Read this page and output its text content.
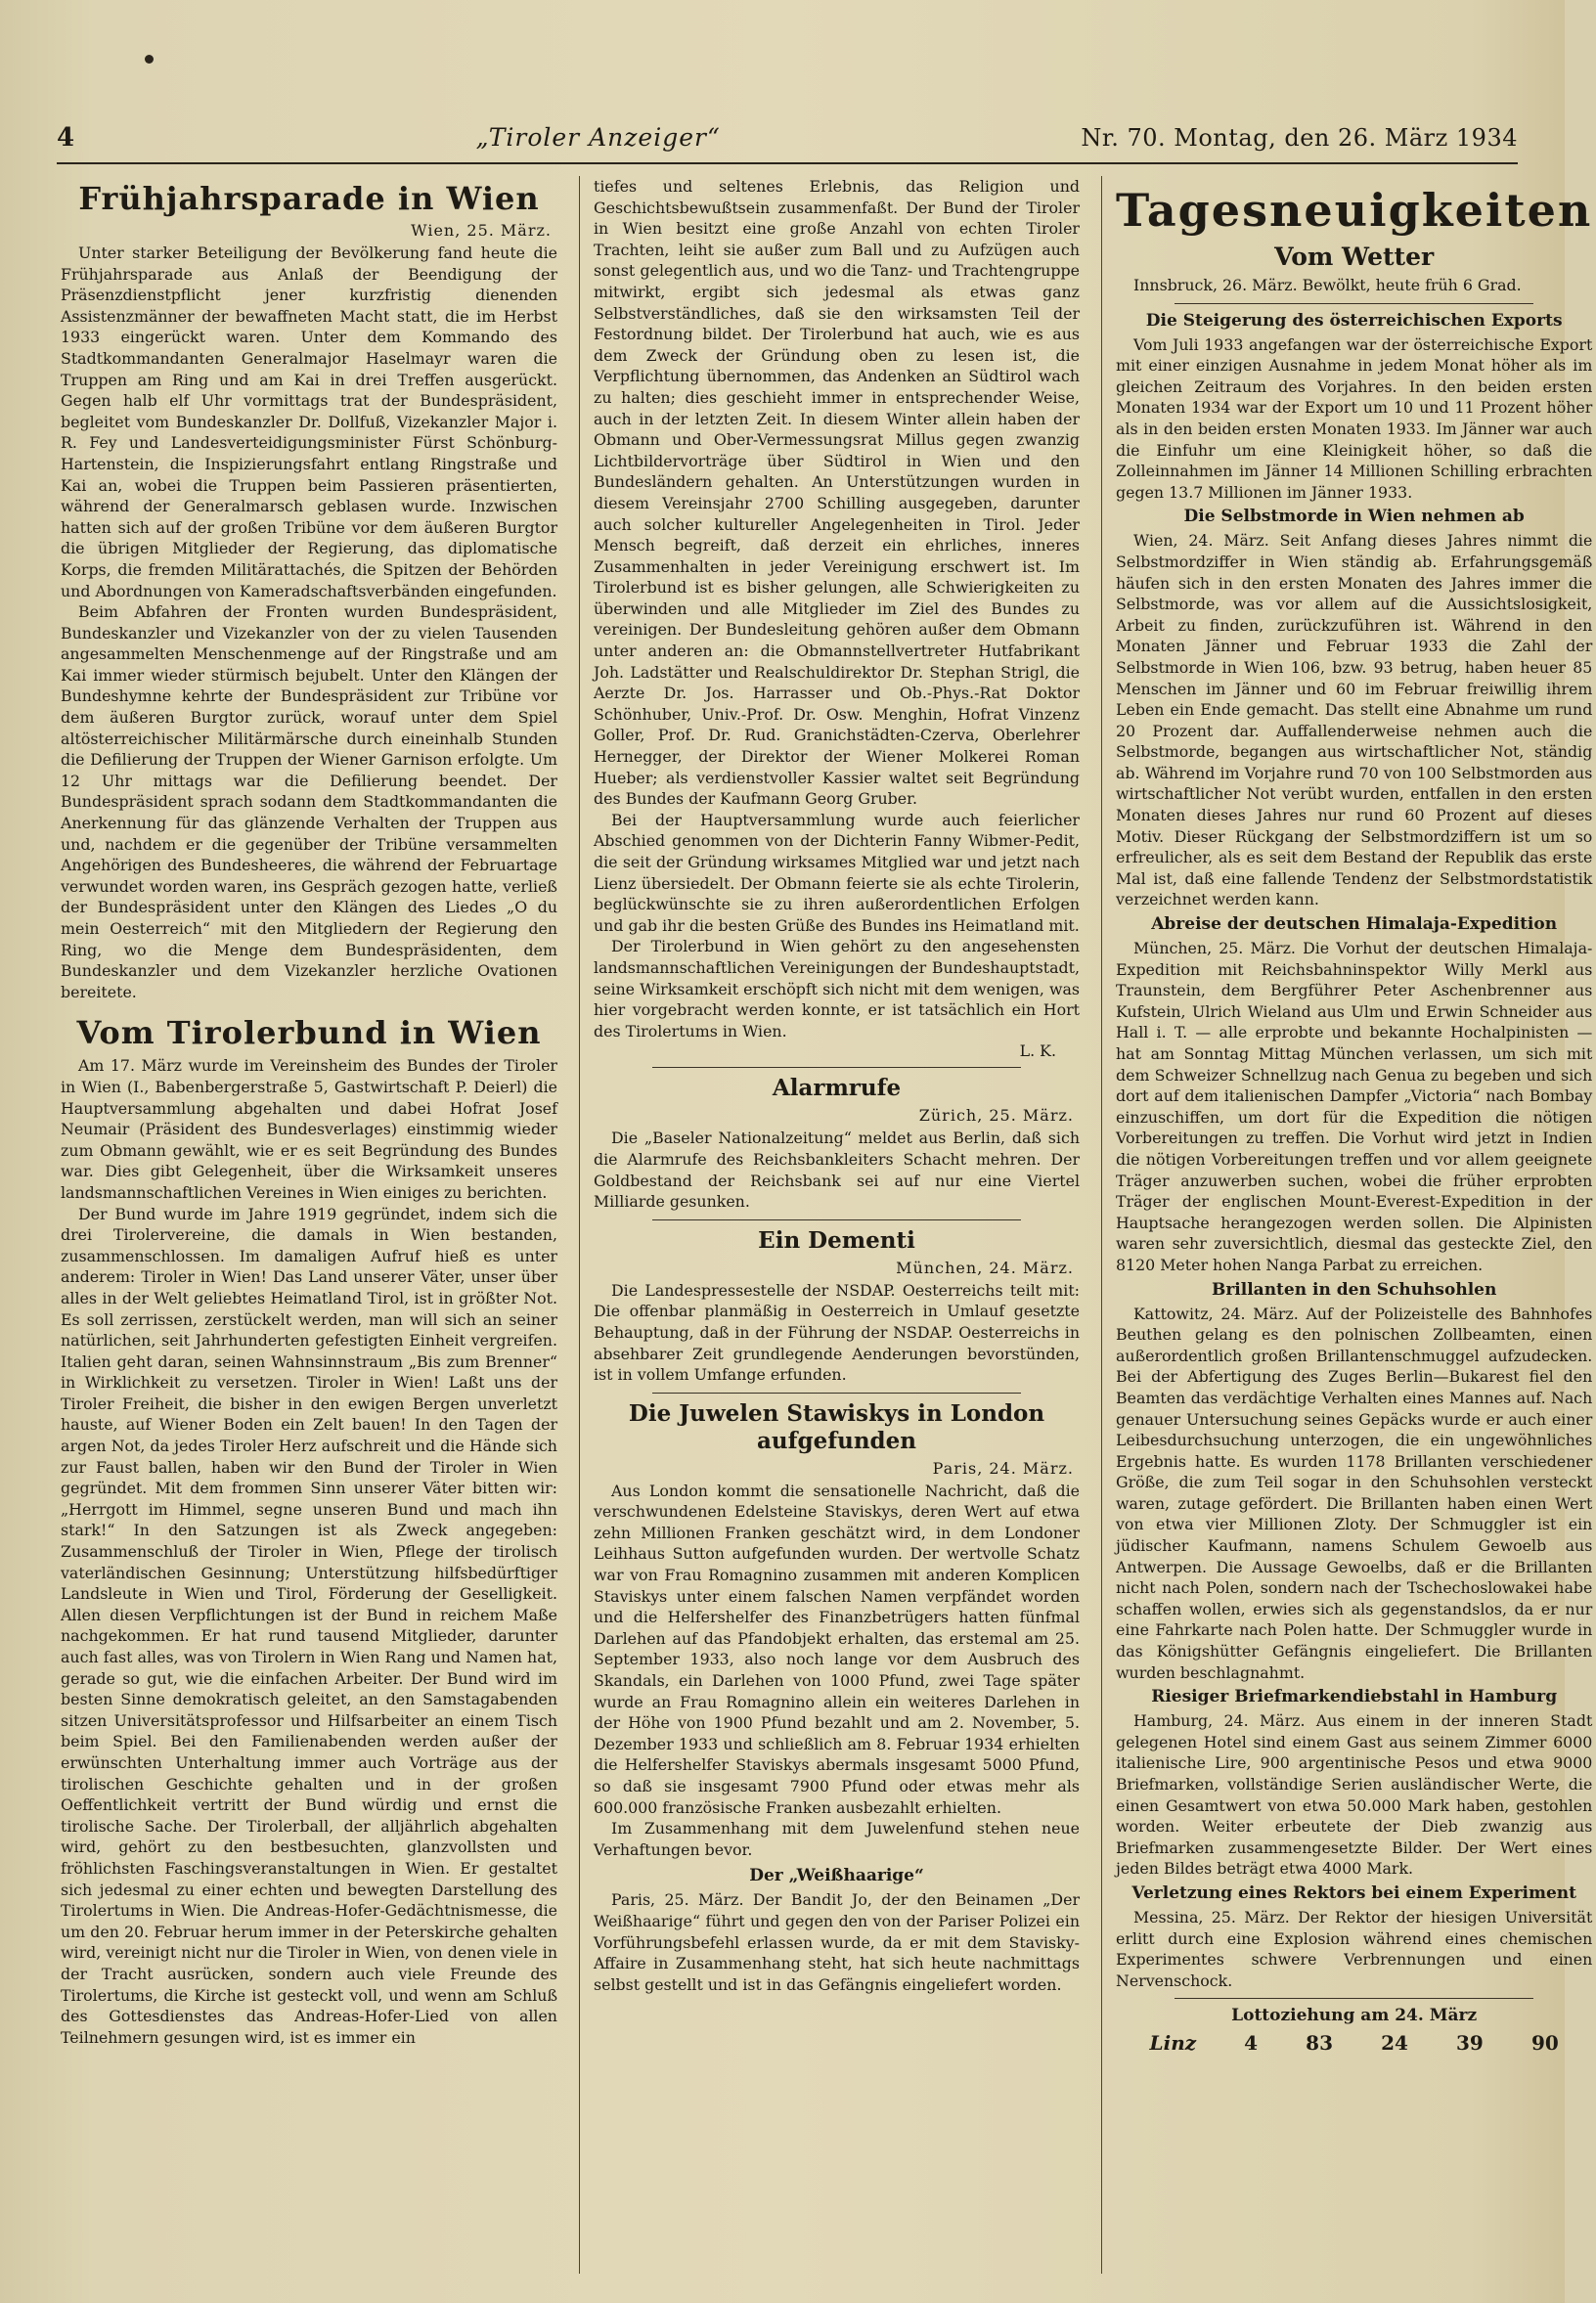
4	„Tiroler Anzeiger“	Nr. 70. Montag, den 26. März 1934
Frühjahrsparade in Wien
Wien, 25. März.

Unter starker Beteiligung der Bevölkerung fand heute die Frühjahrsparade aus Anlaß der Beendigung der Präsenzdienstpflicht jener kurzfristig dienenden Assistenzmänner der bewaffneten Macht statt, die im Herbst 1933 eingerückt waren. Unter dem Kommando des Stadtkommandanten Generalmajor Haselmayr waren die Truppen am Ring und am Kai in drei Treffen ausgerückt. Gegen halb elf Uhr vormittags trat der Bundespräsident, begleitet vom Bundeskanzler Dr. Dollfuß, Vizekanzler Major i. R. Fey und Landesverteidigungsminister Fürst Schönburg-Hartenstein, die Inspizierungsfahrt entlang Ringstraße und Kai an, wobei die Truppen beim Passieren präsentierten, während der Generalmarsch geblasen wurde. Inzwischen hatten sich auf der großen Tribüne vor dem äußeren Burgtor die übrigen Mitglieder der Regierung, das diplomatische Korps, die fremden Militärattachés, die Spitzen der Behörden und Abordnungen von Kameradschaftsverbänden eingefunden.

Beim Abfahren der Fronten wurden Bundespräsident, Bundeskanzler und Vizekanzler von der zu vielen Tausenden angesammelten Menschenmenge auf der Ringstraße und am Kai immer wieder stürmisch bejubelt. Unter den Klängen der Bundeshymne kehrte der Bundespräsident zur Tribüne vor dem äußeren Burgtor zurück, worauf unter dem Spiel altösterreichischer Militärmärsche durch eineinhalb Stunden die Defilierung der Truppen der Wiener Garnison erfolgte. Um 12 Uhr mittags war die Defilierung beendet. Der Bundespräsident sprach sodann dem Stadtkommandanten die Anerkennung für das glänzende Verhalten der Truppen aus und, nachdem er die gegenüber der Tribüne versammelten Angehörigen des Bundesheeres, die während der Februartage verwundet worden waren, ins Gespräch gezogen hatte, verließ der Bundespräsident unter den Klängen des Liedes „O du mein Oesterreich“ mit den Mitgliedern der Regierung den Ring, wo die Menge dem Bundespräsidenten, dem Bundeskanzler und dem Vizekanzler herzliche Ovationen bereitete.

Vom Tirolerbund in Wien

Am 17. März wurde im Vereinsheim des Bundes der Tiroler in Wien (I., Babenbergerstraße 5, Gastwirtschaft P. Deierl) die Hauptversammlung abgehalten und dabei Hofrat Josef Neumair (Präsident des Bundesverlages) einstimmig wieder zum Obmann gewählt, wie er es seit Begründung des Bundes war. Dies gibt Gelegenheit, über die Wirksamkeit unseres landsmannschaftlichen Vereines in Wien einiges zu berichten.

Der Bund wurde im Jahre 1919 gegründet, indem sich die drei Tirolervereine, die damals in Wien bestanden, zusammenschlossen. Im damaligen Aufruf hieß es unter anderem: Tiroler in Wien! Das Land unserer Väter, unser über alles in der Welt geliebtes Heimatland Tirol, ist in größter Not. Es soll zerrissen, zerstückelt werden, man will sich an seiner natürlichen, seit Jahrhunderten gefestigten Einheit vergreifen. Italien geht daran, seinen Wahnsinnstraum „Bis zum Brenner“ in Wirklichkeit zu versetzen. Tiroler in Wien! Laßt uns der Tiroler Freiheit, die bisher in den ewigen Bergen unverletzt hauste, auf Wiener Boden ein Zelt bauen! In den Tagen der argen Not, da jedes Tiroler Herz aufschreit und die Hände sich zur Faust ballen, haben wir den Bund der Tiroler in Wien gegründet. Mit dem frommen Sinn unserer Väter bitten wir: „Herrgott im Himmel, segne unseren Bund und mach ihn stark!“ In den Satzungen ist als Zweck angegeben: Zusammenschluß der Tiroler in Wien, Pflege der tirolisch vaterländischen Gesinnung; Unterstützung hilfsbedürftiger Landsleute in Wien und Tirol, Förderung der Geselligkeit. Allen diesen Verpflichtungen ist der Bund in reichem Maße nachgekommen. Er hat rund tausend Mitglieder, darunter auch fast alles, was von Tirolern in Wien Rang und Namen hat, gerade so gut, wie die einfachen Arbeiter. Der Bund wird im besten Sinne demokratisch geleitet, an den Samstagabenden sitzen Universitätsprofessor und Hilfsarbeiter an einem Tisch beim Spiel. Bei den Familienabenden werden außer der erwünschten Unterhaltung immer auch Vorträge aus der tirolischen Geschichte gehalten und in der großen Oeffentlichkeit vertritt der Bund würdig und ernst die tirolische Sache. Der Tirolerball, der alljährlich abgehalten wird, gehört zu den bestbesuchten, glanzvollsten und fröhlichsten Faschingsveranstaltungen in Wien. Er gestaltet sich jedesmal zu einer echten und bewegten Darstellung des Tirolertums in Wien. Die Andreas-Hofer-Gedächtnismesse, die um den 20. Februar herum immer in der Peterskirche gehalten wird, vereinigt nicht nur die Tiroler in Wien, von denen viele in der Tracht ausrücken, sondern auch viele Freunde des Tirolertums, die Kirche ist gesteckt voll, und wenn am Schluß des Gottesdienstes das Andreas-Hofer-Lied von allen Teilnehmern gesungen wird, ist es immer ein

tiefes und seltenes Erlebnis, das Religion und Geschichtsbewußtsein zusammenfaßt. Der Bund der Tiroler in Wien besitzt eine große Anzahl von echten Tiroler Trachten, leiht sie außer zum Ball und zu Aufzügen auch sonst gelegentlich aus, und wo die Tanz- und Trachtengruppe mitwirkt, ergibt sich jedesmal als etwas ganz Selbstverständliches, daß sie den wirksamsten Teil der Festordnung bildet. Der Tirolerbund hat auch, wie es aus dem Zweck der Gründung oben zu lesen ist, die Verpflichtung übernommen, das Andenken an Südtirol wach zu halten; dies geschieht immer in entsprechender Weise, auch in der letzten Zeit. In diesem Winter allein haben der Obmann und Ober-Vermessungsrat Millus gegen zwanzig Lichtbildervorträge über Südtirol in Wien und den Bundesländern gehalten. An Unterstützungen wurden in diesem Vereinsjahr 2700 Schilling ausgegeben, darunter auch solcher kultureller Angelegenheiten in Tirol. Jeder Mensch begreift, daß derzeit ein ehrliches, inneres Zusammenhalten in jeder Vereinigung erschwert ist. Im Tirolerbund ist es bisher gelungen, alle Schwierigkeiten zu überwinden und alle Mitglieder im Ziel des Bundes zu vereinigen. Der Bundesleitung gehören außer dem Obmann unter anderen an: die Obmannstellvertreter Hutfabrikant Joh. Ladstätter und Realschuldirektor Dr. Stephan Strigl, die Aerzte Dr. Jos. Harrasser und Ob.-Phys.-Rat Doktor Schönhuber, Univ.-Prof. Dr. Osw. Menghin, Hofrat Vinzenz Goller, Prof. Dr. Rud. Granichstädten-Czerva, Oberlehrer Hernegger, der Direktor der Wiener Molkerei Roman Hueber; als verdienstvoller Kassier waltet seit Begründung des Bundes der Kaufmann Georg Gruber.

Bei der Hauptversammlung wurde auch feierlicher Abschied genommen von der Dichterin Fanny Wibmer-Pedit, die seit der Gründung wirksames Mitglied war und jetzt nach Lienz übersiedelt. Der Obmann feierte sie als echte Tirolerin, beglückwünschte sie zu ihren außerordentlichen Erfolgen und gab ihr die besten Grüße des Bundes ins Heimatland mit.

Der Tirolerbund in Wien gehört zu den angesehensten landsmannschaftlichen Vereinigungen der Bundeshauptstadt, seine Wirksamkeit erschöpft sich nicht mit dem wenigen, was hier vorgebracht werden konnte, er ist tatsächlich ein Hort des Tirolertums in Wien.

L. K.
Alarmrufe
Zürich, 25. März.

Die „Baseler Nationalzeitung“ meldet aus Berlin, daß sich die Alarmrufe des Reichsbankleiters Schacht mehren. Der Goldbestand der Reichsbank sei auf nur eine Viertel Milliarde gesunken.

Ein Dementi
München, 24. März.

Die Landespressestelle der NSDAP. Oesterreichs teilt mit: Die offenbar planmäßig in Oesterreich in Umlauf gesetzte Behauptung, daß in der Führung der NSDAP. Oesterreichs in absehbarer Zeit grundlegende Aenderungen bevorstünden, ist in vollem Umfange erfunden.

Die Juwelen Stawiskys in London aufgefunden
Paris, 24. März.

Aus London kommt die sensationelle Nachricht, daß die verschwundenen Edelsteine Staviskys, deren Wert auf etwa zehn Millionen Franken geschätzt wird, in dem Londoner Leihhaus Sutton aufgefunden wurden. Der wertvolle Schatz war von Frau Romagnino zusammen mit anderen Komplicen Staviskys unter einem falschen Namen verpfändet worden und die Helfershelfer des Finanzbetrügers hatten fünfmal Darlehen auf das Pfandobjekt erhalten, das erstemal am 25. September 1933, also noch lange vor dem Ausbruch des Skandals, ein Darlehen von 1000 Pfund, zwei Tage später wurde an Frau Romagnino allein ein weiteres Darlehen in der Höhe von 1900 Pfund bezahlt und am 2. November, 5. Dezember 1933 und schließlich am 8. Februar 1934 erhielten die Helfershelfer Staviskys abermals insgesamt 5000 Pfund, so daß sie insgesamt 7900 Pfund oder etwas mehr als 600.000 französische Franken ausbezahlt erhielten.

Im Zusammenhang mit dem Juwelenfund stehen neue Verhaftungen bevor.

Der „Weißhaarige“

Paris, 25. März. Der Bandit Jo, der den Beinamen „Der Weißhaarige“ führt und gegen den von der Pariser Polizei ein Vorführungsbefehl erlassen wurde, da er mit dem Stavisky-Affaire in Zusammenhang steht, hat sich heute nachmittags selbst gestellt und ist in das Gefängnis eingeliefert worden.

Tagesneuigkeiten
Vom Wetter

Innsbruck, 26. März. Bewölkt, heute früh 6 Grad.

Die Steigerung des österreichischen Exports

Vom Juli 1933 angefangen war der österreichische Export mit einer einzigen Ausnahme in jedem Monat höher als im gleichen Zeitraum des Vorjahres. In den beiden ersten Monaten 1934 war der Export um 10 und 11 Prozent höher als in den beiden ersten Monaten 1933. Im Jänner war auch die Einfuhr um eine Kleinigkeit höher, so daß die Zolleinnahmen im Jänner 14 Millionen Schilling erbrachten gegen 13.7 Millionen im Jänner 1933.

Die Selbstmorde in Wien nehmen ab

Wien, 24. März. Seit Anfang dieses Jahres nimmt die Selbstmordziffer in Wien ständig ab. Erfahrungsgemäß häufen sich in den ersten Monaten des Jahres immer die Selbstmorde, was vor allem auf die Aussichtslosigkeit, Arbeit zu finden, zurückzuführen ist. Während in den Monaten Jänner und Februar 1933 die Zahl der Selbstmorde in Wien 106, bzw. 93 betrug, haben heuer 85 Menschen im Jänner und 60 im Februar freiwillig ihrem Leben ein Ende gemacht. Das stellt eine Abnahme um rund 20 Prozent dar. Auffallenderweise nehmen auch die Selbstmorde, begangen aus wirtschaftlicher Not, ständig ab. Während im Vorjahre rund 70 von 100 Selbstmorden aus wirtschaftlicher Not verübt wurden, entfallen in den ersten Monaten dieses Jahres nur rund 60 Prozent auf dieses Motiv. Dieser Rückgang der Selbstmordziffern ist um so erfreulicher, als es seit dem Bestand der Republik das erste Mal ist, daß eine fallende Tendenz der Selbstmordstatistik verzeichnet werden kann.

Abreise der deutschen Himalaja-Expedition

München, 25. März. Die Vorhut der deutschen Himalaja-Expedition mit Reichsbahninspektor Willy Merkl aus Traunstein, dem Bergführer Peter Aschenbrenner aus Kufstein, Ulrich Wieland aus Ulm und Erwin Schneider aus Hall i. T. — alle erprobte und bekannte Hochalpinisten — hat am Sonntag Mittag München verlassen, um sich mit dem Schweizer Schnellzug nach Genua zu begeben und sich dort auf dem italienischen Dampfer „Victoria“ nach Bombay einzuschiffen, um dort für die Expedition die nötigen Vorbereitungen zu treffen. Die Vorhut wird jetzt in Indien die nötigen Vorbereitungen treffen und vor allem geeignete Träger anzuwerben suchen, wobei die früher erprobten Träger der englischen Mount-Everest-Expedition in der Hauptsache herangezogen werden sollen. Die Alpinisten waren sehr zuversichtlich, diesmal das gesteckte Ziel, den 8120 Meter hohen Nanga Parbat zu erreichen.

Brillanten in den Schuhsohlen

Kattowitz, 24. März. Auf der Polizeistelle des Bahnhofes Beuthen gelang es den polnischen Zollbeamten, einen außerordentlich großen Brillantenschmuggel aufzudecken. Bei der Abfertigung des Zuges Berlin—Bukarest fiel den Beamten das verdächtige Verhalten eines Mannes auf. Nach genauer Untersuchung seines Gepäcks wurde er auch einer Leibesdurchsuchung unterzogen, die ein ungewöhnliches Ergebnis hatte. Es wurden 1178 Brillanten verschiedener Größe, die zum Teil sogar in den Schuhsohlen versteckt waren, zutage gefördert. Die Brillanten haben einen Wert von etwa vier Millionen Zloty. Der Schmuggler ist ein jüdischer Kaufmann, namens Schulem Gewoelb aus Antwerpen. Die Aussage Gewoelbs, daß er die Brillanten nicht nach Polen, sondern nach der Tschechoslowakei habe schaffen wollen, erwies sich als gegenstandslos, da er nur eine Fahrkarte nach Polen hatte. Der Schmuggler wurde in das Königshütter Gefängnis eingeliefert. Die Brillanten wurden beschlagnahmt.

Riesiger Briefmarkendiebstahl in Hamburg

Hamburg, 24. März. Aus einem in der inneren Stadt gelegenen Hotel sind einem Gast aus seinem Zimmer 6000 italienische Lire, 900 argentinische Pesos und etwa 9000 Briefmarken, vollständige Serien ausländischer Werte, die einen Gesamtwert von etwa 50.000 Mark haben, gestohlen worden. Weiter erbeutete der Dieb zwanzig aus Briefmarken zusammengesetzte Bilder. Der Wert eines jeden Bildes beträgt etwa 4000 Mark.

Verletzung eines Rektors bei einem Experiment

Messina, 25. März. Der Rektor der hiesigen Universität erlitt durch eine Explosion während eines chemischen Experimentes schwere Verbrennungen und einen Nervenschock.

Lottoziehung am 24. März
Linz 4 83 24 39 90
